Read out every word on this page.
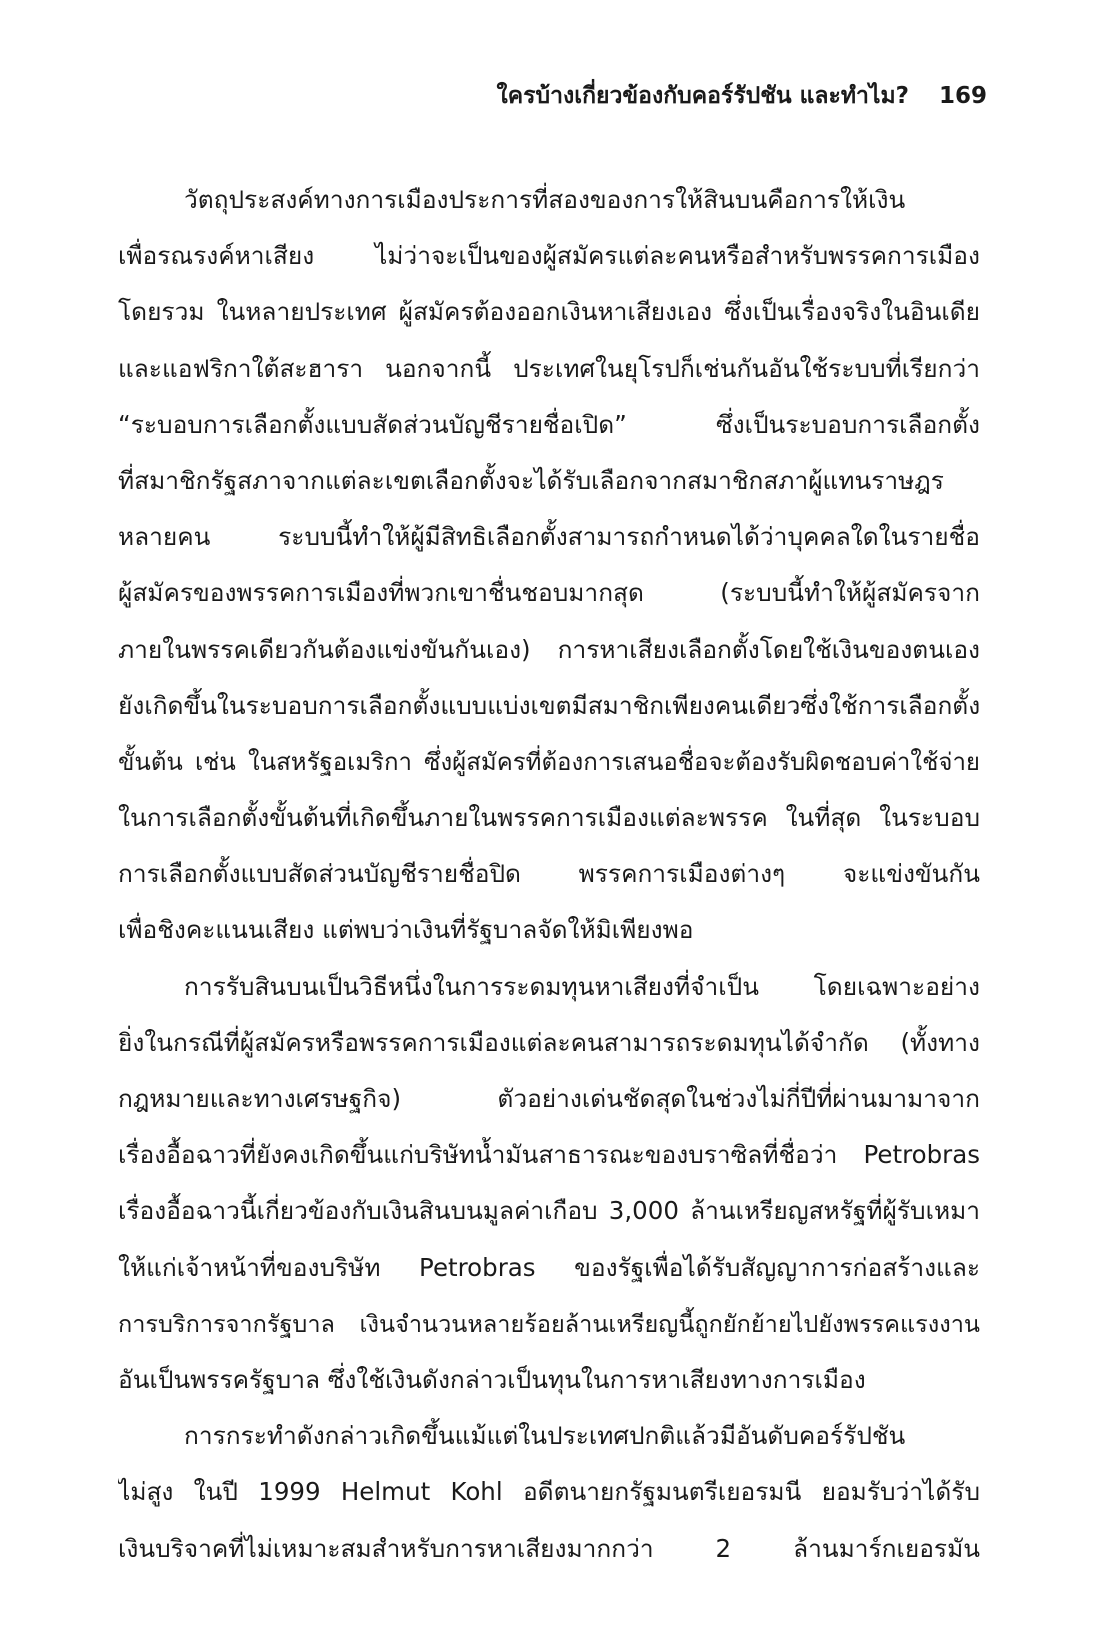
ใครบ้างเกี่ยวข้องกับคอร์รัปชัน และทำไม? 169
วัตถุประสงค์ทางการเมืองประการที่สองของการให้สินบนคือการให้เงิน
เพื่อรณรงค์หาเสียง ไม่ว่าจะเป็นของผู้สมัครแต่ละคนหรือสำหรับพรรคการเมือง
โดยรวม ในหลายประเทศ ผู้สมัครต้องออกเงินหาเสียงเอง ซึ่งเป็นเรื่องจริงในอินเดีย
และแอฟริกาใต้สะฮารา นอกจากนี้ ประเทศในยุโรปก็เช่นกันอันใช้ระบบที่เรียกว่า
“ระบอบการเลือกตั้งแบบสัดส่วนบัญชีรายชื่อเปิด” ซึ่งเป็นระบอบการเลือกตั้ง
ที่สมาชิกรัฐสภาจากแต่ละเขตเลือกตั้งจะได้รับเลือกจากสมาชิกสภาผู้แทนราษฎร
หลายคน ระบบนี้ทำให้ผู้มีสิทธิเลือกตั้งสามารถกำหนดได้ว่าบุคคลใดในรายชื่อ
ผู้สมัครของพรรคการเมืองที่พวกเขาชื่นชอบมากสุด (ระบบนี้ทำให้ผู้สมัครจาก
ภายในพรรคเดียวกันต้องแข่งขันกันเอง) การหาเสียงเลือกตั้งโดยใช้เงินของตนเอง
ยังเกิดขึ้นในระบอบการเลือกตั้งแบบแบ่งเขตมีสมาชิกเพียงคนเดียวซึ่งใช้การเลือกตั้ง
ขั้นต้น เช่น ในสหรัฐอเมริกา ซึ่งผู้สมัครที่ต้องการเสนอชื่อจะต้องรับผิดชอบค่าใช้จ่าย
ในการเลือกตั้งขั้นต้นที่เกิดขึ้นภายในพรรคการเมืองแต่ละพรรค ในที่สุด ในระบอบ
การเลือกตั้งแบบสัดส่วนบัญชีรายชื่อปิด พรรคการเมืองต่างๆ จะแข่งขันกัน
เพื่อชิงคะแนนเสียง แต่พบว่าเงินที่รัฐบาลจัดให้มิเพียงพอ
การรับสินบนเป็นวิธีหนึ่งในการระดมทุนหาเสียงที่จำเป็น โดยเฉพาะอย่าง
ยิ่งในกรณีที่ผู้สมัครหรือพรรคการเมืองแต่ละคนสามารถระดมทุนได้จำกัด (ทั้งทาง
กฎหมายและทางเศรษฐกิจ) ตัวอย่างเด่นชัดสุดในช่วงไม่กี่ปีที่ผ่านมามาจาก
เรื่องอื้อฉาวที่ยังคงเกิดขึ้นแก่บริษัทน้ำมันสาธารณะของบราซิลที่ชื่อว่า Petrobras
เรื่องอื้อฉาวนี้เกี่ยวข้องกับเงินสินบนมูลค่าเกือบ 3,000 ล้านเหรียญสหรัฐที่ผู้รับเหมา
ให้แก่เจ้าหน้าที่ของบริษัท Petrobras ของรัฐเพื่อได้รับสัญญาการก่อสร้างและ
การบริการจากรัฐบาล เงินจำนวนหลายร้อยล้านเหรียญนี้ถูกยักย้ายไปยังพรรคแรงงาน
อันเป็นพรรครัฐบาล ซึ่งใช้เงินดังกล่าวเป็นทุนในการหาเสียงทางการเมือง
การกระทำดังกล่าวเกิดขึ้นแม้แต่ในประเทศปกติแล้วมีอันดับคอร์รัปชัน
ไม่สูง ในปี 1999 Helmut Kohl อดีตนายกรัฐมนตรีเยอรมนี ยอมรับว่าได้รับ
เงินบริจาคที่ไม่เหมาะสมสำหรับการหาเสียงมากกว่า 2 ล้านมาร์กเยอรมัน
